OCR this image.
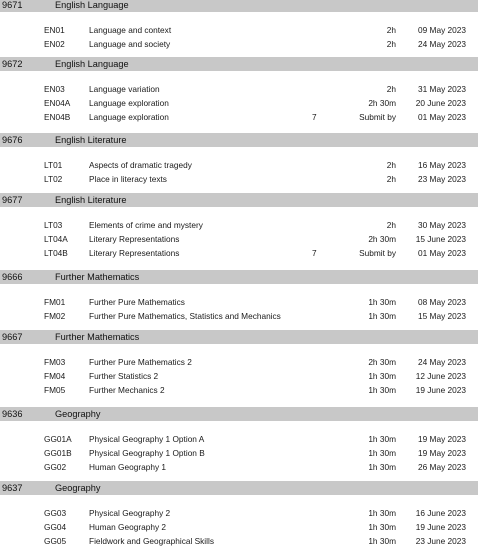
9671	English Language
EN01	Language and context	2h	09 May 2023
EN02	Language and society	2h	24 May 2023
9672	English Language
EN03	Language variation	2h	31 May 2023
EN04A Language exploration	2h 30m 20 June 2023
EN04B Language exploration	7	Submit by	01 May 2023
9676	English Literature
LT01	Aspects of dramatic tragedy	2h	16 May 2023
LT02	Place in literacy texts	2h	23 May 2023
9677	English Literature
LT03	Elements of crime and mystery	2h	30 May 2023
LT04A	Literary Representations	2h 30m 15 June 2023
LT04B	Literary Representations	7	Submit by	01 May 2023
9666	Further Mathematics
FM01	Further Pure Mathematics	1h 30m	08 May 2023
FM02	Further Pure Mathematics, Statistics and Mechanics	1h 30m	15 May 2023
9667	Further Mathematics
FM03	Further Pure Mathematics 2	2h 30m	24 May 2023
FM04	Further Statistics 2	1h 30m 12 June 2023
FM05	Further Mechanics 2	1h 30m 19 June 2023
9636	Geography
GG01A Physical Geography 1 Option A	1h 30m	19 May 2023
GG01B Physical Geography 1 Option B	1h 30m	19 May 2023
GG02	Human Geography 1	1h 30m	26 May 2023
9637	Geography
GG03	Physical Geography 2	1h 30m 16 June 2023
GG04	Human Geography 2	1h 30m 19 June 2023
GG05	Fieldwork and Geographical Skills	1h 30m 23 June 2023
